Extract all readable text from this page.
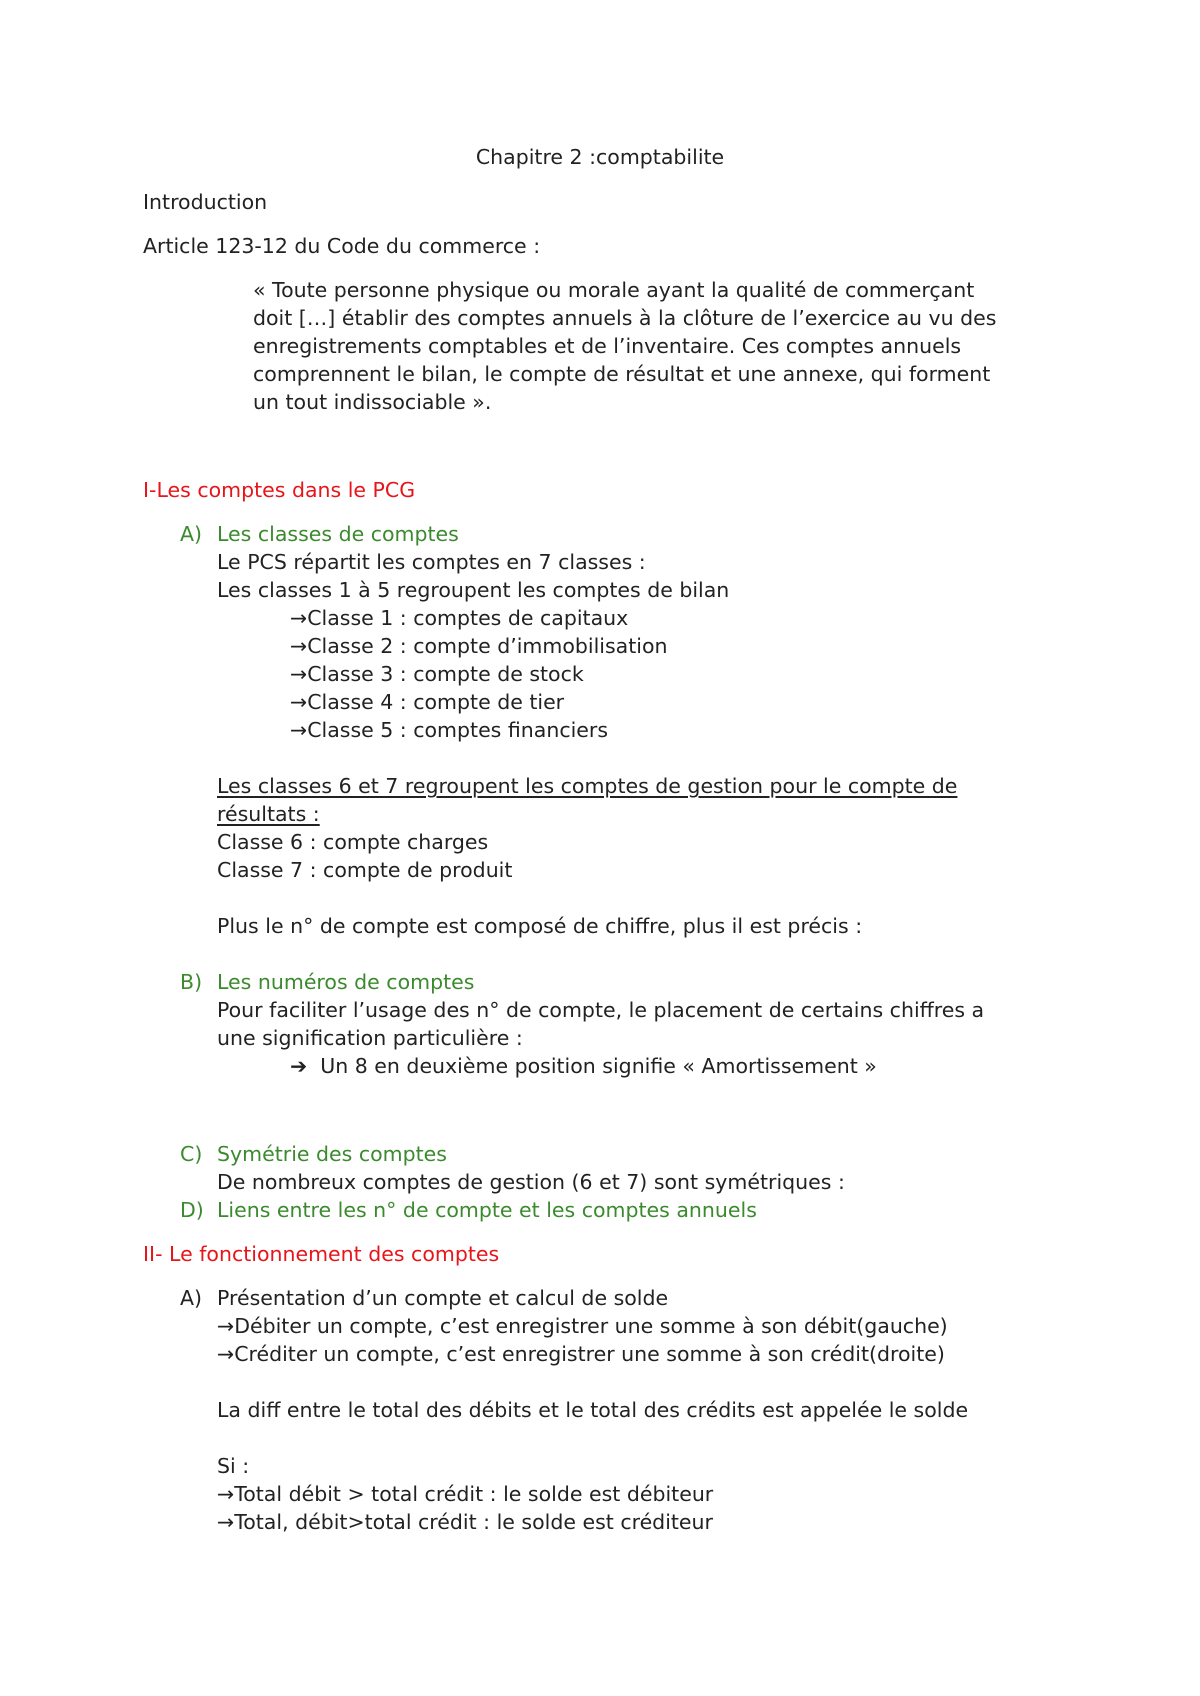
Chapitre 2 :comptabilite

Introduction

Article 123-12 du Code du commerce :

« Toute personne physique ou morale ayant la qualité de commerçant

doit […] établir des comptes annuels à la clôture de l’exercice au vu des

enregistrements comptables et de l’inventaire. Ces comptes annuels

comprennent le bilan, le compte de résultat et une annexe, qui forment

un tout indissociable ».

I-Les comptes dans le PCG

A) Les classes de comptes

Le PCS répartit les comptes en 7 classes :

Les classes 1 à 5 regroupent les comptes de bilan

→Classe 1 : comptes de capitaux

→Classe 2 : compte d’immobilisation

→Classe 3 : compte de stock

→Classe 4 : compte de tier

→Classe 5 : comptes financiers

Les classes 6 et 7 regroupent les comptes de gestion pour le compte de

résultats :

Classe 6 : compte charges

Classe 7 : compte de produit

Plus le n° de compte est composé de chiffre, plus il est précis :

B) Les numéros de comptes

Pour faciliter l’usage des n° de compte, le placement de certains chiffres a

une signification particulière :

➔ Un 8 en deuxième position signifie « Amortissement »

C) Symétrie des comptes

De nombreux comptes de gestion (6 et 7) sont symétriques :

D) Liens entre les n° de compte et les comptes annuels

II- Le fonctionnement des comptes

A) Présentation d’un compte et calcul de solde

→Débiter un compte, c’est enregistrer une somme à son débit(gauche)

→Créditer un compte, c’est enregistrer une somme à son crédit(droite)

La diff entre le total des débits et le total des crédits est appelée le solde

Si :

→Total débit > total crédit : le solde est débiteur

→Total, débit>total crédit : le solde est créditeur
